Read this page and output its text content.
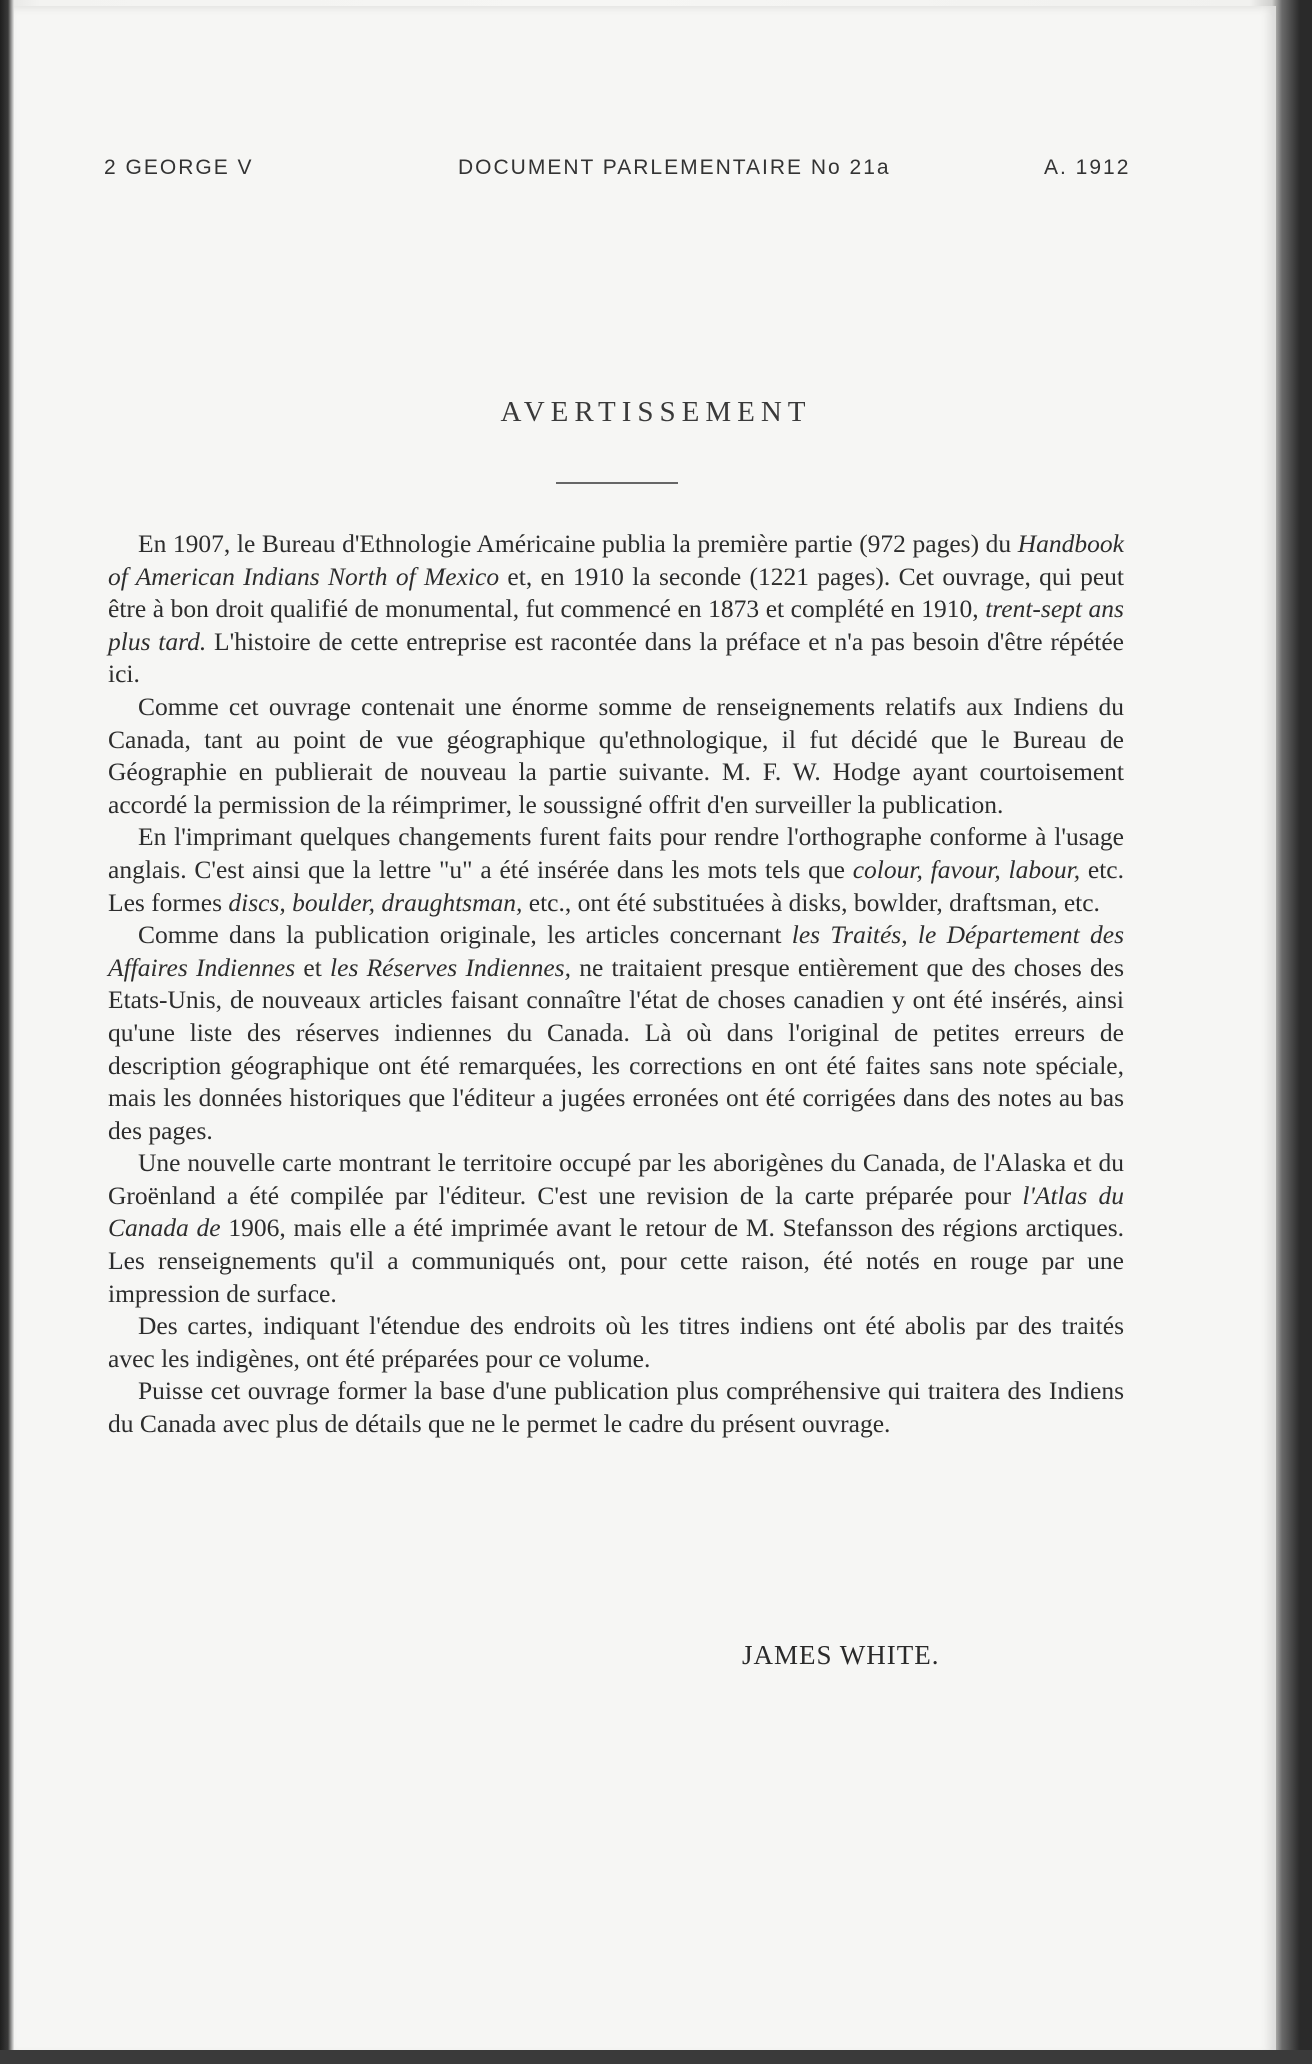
2 GEORGE V	DOCUMENT PARLEMENTAIRE No 21a	A. 1912
AVERTISSEMENT

En 1907, le Bureau d'Ethnologie Américaine publia la première partie (972 pages) du Handbook of American Indians North of Mexico et, en 1910 la seconde (1221 pages). Cet ouvrage, qui peut être à bon droit qualifié de monumental, fut commencé en 1873 et complété en 1910, trent-sept ans plus tard. L'histoire de cette entreprise est racontée dans la préface et n'a pas besoin d'être répétée ici.

Comme cet ouvrage contenait une énorme somme de renseignements relatifs aux Indiens du Canada, tant au point de vue géographique qu'ethnologique, il fut décidé que le Bureau de Géographie en publierait de nouveau la partie suivante. M. F. W. Hodge ayant courtoisement accordé la permission de la réimprimer, le soussigné offrit d'en surveiller la publication.

En l'imprimant quelques changements furent faits pour rendre l'orthographe conforme à l'usage anglais. C'est ainsi que la lettre "u" a été insérée dans les mots tels que colour, favour, labour, etc. Les formes discs, boulder, draughtsman, etc., ont été substituées à disks, bowlder, draftsman, etc.

Comme dans la publication originale, les articles concernant les Traités, le Département des Affaires Indiennes et les Réserves Indiennes, ne traitaient presque entièrement que des choses des Etats-Unis, de nouveaux articles faisant connaître l'état de choses canadien y ont été insérés, ainsi qu'une liste des réserves indiennes du Canada. Là où dans l'original de petites erreurs de description géographique ont été remarquées, les corrections en ont été faites sans note spéciale, mais les données historiques que l'éditeur a jugées erronées ont été corrigées dans des notes au bas des pages.

Une nouvelle carte montrant le territoire occupé par les aborigènes du Canada, de l'Alaska et du Groënland a été compilée par l'éditeur. C'est une revision de la carte préparée pour l'Atlas du Canada de 1906, mais elle a été imprimée avant le retour de M. Stefansson des régions arctiques. Les renseignements qu'il a communiqués ont, pour cette raison, été notés en rouge par une impression de surface.

Des cartes, indiquant l'étendue des endroits où les titres indiens ont été abolis par des traités avec les indigènes, ont été préparées pour ce volume.

Puisse cet ouvrage former la base d'une publication plus compréhensive qui traitera des Indiens du Canada avec plus de détails que ne le permet le cadre du présent ouvrage.

JAMES WHITE.
